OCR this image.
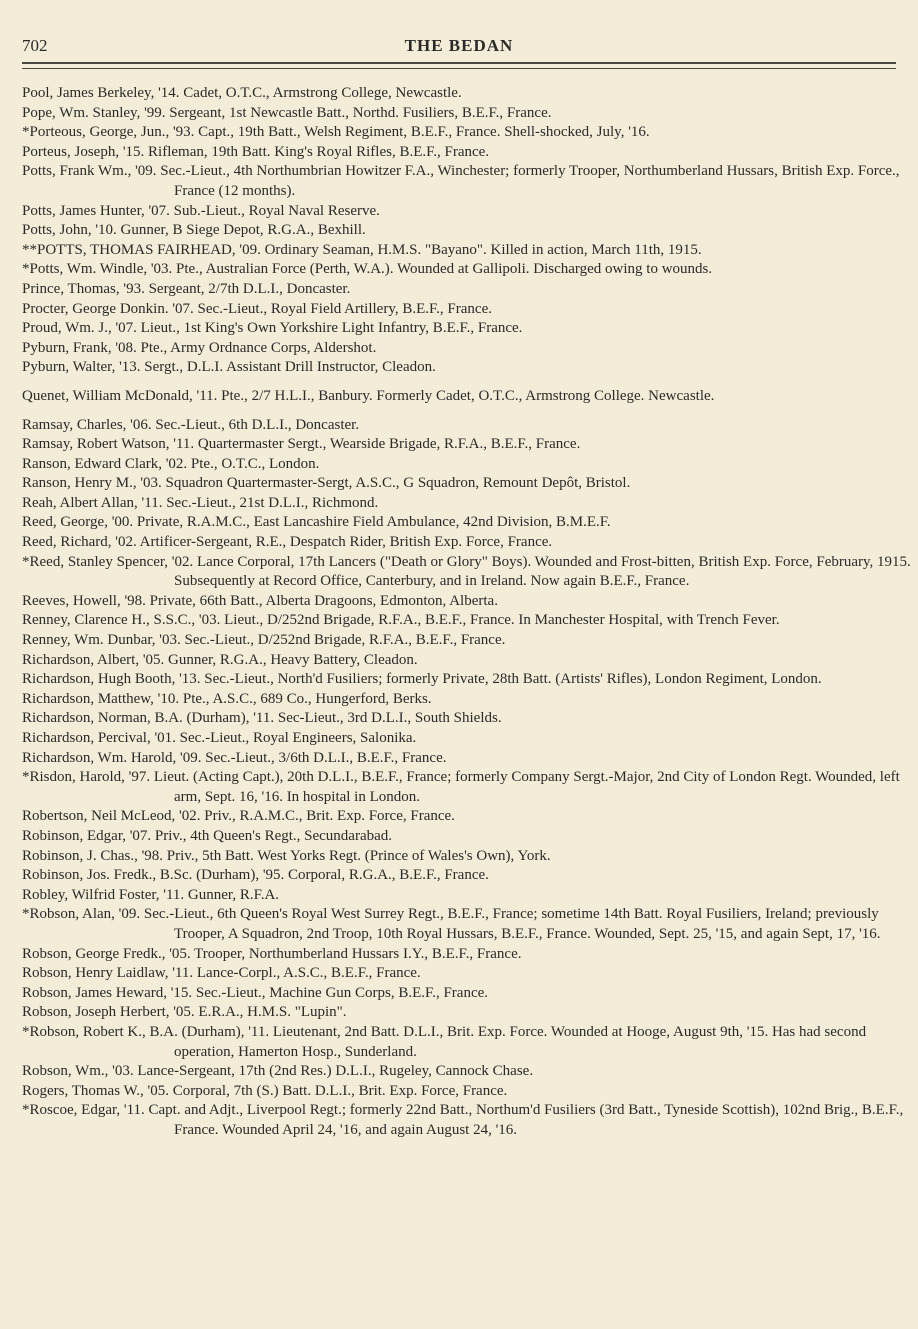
702	THE BEDAN

Pool, James Berkeley, '14. Cadet, O.T.C., Armstrong College, Newcastle.

Pope, Wm. Stanley, '99. Sergeant, 1st Newcastle Batt., Northd. Fusiliers, B.E.F., France.

*Porteous, George, Jun., '93. Capt., 19th Batt., Welsh Regiment, B.E.F., France. Shell-shocked, July, '16.

Porteus, Joseph, '15. Rifleman, 19th Batt. King's Royal Rifles, B.E.F., France.

Potts, Frank Wm., '09. Sec.-Lieut., 4th Northumbrian Howitzer F.A., Winchester; formerly Trooper, Northumberland Hussars, British Exp. Force., France (12 months).

Potts, James Hunter, '07. Sub.-Lieut., Royal Naval Reserve.

Potts, John, '10. Gunner, B Siege Depot, R.G.A., Bexhill.

**POTTS, THOMAS FAIRHEAD, '09. Ordinary Seaman, H.M.S. "Bayano". Killed in action, March 11th, 1915.

*Potts, Wm. Windle, '03. Pte., Australian Force (Perth, W.A.). Wounded at Gallipoli. Discharged owing to wounds.

Prince, Thomas, '93. Sergeant, 2/7th D.L.I., Doncaster.

Procter, George Donkin. '07. Sec.-Lieut., Royal Field Artillery, B.E.F., France.

Proud, Wm. J., '07. Lieut., 1st King's Own Yorkshire Light Infantry, B.E.F., France.

Pyburn, Frank, '08. Pte., Army Ordnance Corps, Aldershot.

Pyburn, Walter, '13. Sergt., D.L.I. Assistant Drill Instructor, Cleadon.

Quenet, William McDonald, '11. Pte., 2/7 H.L.I., Banbury. Formerly Cadet, O.T.C., Armstrong College. Newcastle.

Ramsay, Charles, '06. Sec.-Lieut., 6th D.L.I., Doncaster.

Ramsay, Robert Watson, '11. Quartermaster Sergt., Wearside Brigade, R.F.A., B.E.F., France.

Ranson, Edward Clark, '02. Pte., O.T.C., London.

Ranson, Henry M., '03. Squadron Quartermaster-Sergt, A.S.C., G Squadron, Remount Depôt, Bristol.

Reah, Albert Allan, '11. Sec.-Lieut., 21st D.L.I., Richmond.

Reed, George, '00. Private, R.A.M.C., East Lancashire Field Ambulance, 42nd Division, B.M.E.F.

Reed, Richard, '02. Artificer-Sergeant, R.E., Despatch Rider, British Exp. Force, France.

*Reed, Stanley Spencer, '02. Lance Corporal, 17th Lancers ("Death or Glory" Boys). Wounded and Frost-bitten, British Exp. Force, February, 1915. Subsequently at Record Office, Canterbury, and in Ireland. Now again B.E.F., France.

Reeves, Howell, '98. Private, 66th Batt., Alberta Dragoons, Edmonton, Alberta.

Renney, Clarence H., S.S.C., '03. Lieut., D/252nd Brigade, R.F.A., B.E.F., France. In Manchester Hospital, with Trench Fever.

Renney, Wm. Dunbar, '03. Sec.-Lieut., D/252nd Brigade, R.F.A., B.E.F., France.

Richardson, Albert, '05. Gunner, R.G.A., Heavy Battery, Cleadon.

Richardson, Hugh Booth, '13. Sec.-Lieut., North'd Fusiliers; formerly Private, 28th Batt. (Artists' Rifles), London Regiment, London.

Richardson, Matthew, '10. Pte., A.S.C., 689 Co., Hungerford, Berks.

Richardson, Norman, B.A. (Durham), '11. Sec-Lieut., 3rd D.L.I., South Shields.

Richardson, Percival, '01. Sec.-Lieut., Royal Engineers, Salonika.

Richardson, Wm. Harold, '09. Sec.-Lieut., 3/6th D.L.I., B.E.F., France.

*Risdon, Harold, '97. Lieut. (Acting Capt.), 20th D.L.I., B.E.F., France; formerly Company Sergt.-Major, 2nd City of London Regt. Wounded, left arm, Sept. 16, '16. In hospital in London.

Robertson, Neil McLeod, '02. Priv., R.A.M.C., Brit. Exp. Force, France.

Robinson, Edgar, '07. Priv., 4th Queen's Regt., Secundarabad.

Robinson, J. Chas., '98. Priv., 5th Batt. West Yorks Regt. (Prince of Wales's Own), York.

Robinson, Jos. Fredk., B.Sc. (Durham), '95. Corporal, R.G.A., B.E.F., France.

Robley, Wilfrid Foster, '11. Gunner, R.F.A.

*Robson, Alan, '09. Sec.-Lieut., 6th Queen's Royal West Surrey Regt., B.E.F., France; sometime 14th Batt. Royal Fusiliers, Ireland; previously Trooper, A Squadron, 2nd Troop, 10th Royal Hussars, B.E.F., France. Wounded, Sept. 25, '15, and again Sept, 17, '16.

Robson, George Fredk., '05. Trooper, Northumberland Hussars I.Y., B.E.F., France.

Robson, Henry Laidlaw, '11. Lance-Corpl., A.S.C., B.E.F., France.

Robson, James Heward, '15. Sec.-Lieut., Machine Gun Corps, B.E.F., France.

Robson, Joseph Herbert, '05. E.R.A., H.M.S. "Lupin".

*Robson, Robert K., B.A. (Durham), '11. Lieutenant, 2nd Batt. D.L.I., Brit. Exp. Force. Wounded at Hooge, August 9th, '15. Has had second operation, Hamerton Hosp., Sunderland.

Robson, Wm., '03. Lance-Sergeant, 17th (2nd Res.) D.L.I., Rugeley, Cannock Chase.

Rogers, Thomas W., '05. Corporal, 7th (S.) Batt. D.L.I., Brit. Exp. Force, France.

*Roscoe, Edgar, '11. Capt. and Adjt., Liverpool Regt.; formerly 22nd Batt., Northum'd Fusiliers (3rd Batt., Tyneside Scottish), 102nd Brig., B.E.F., France. Wounded April 24, '16, and again August 24, '16.
